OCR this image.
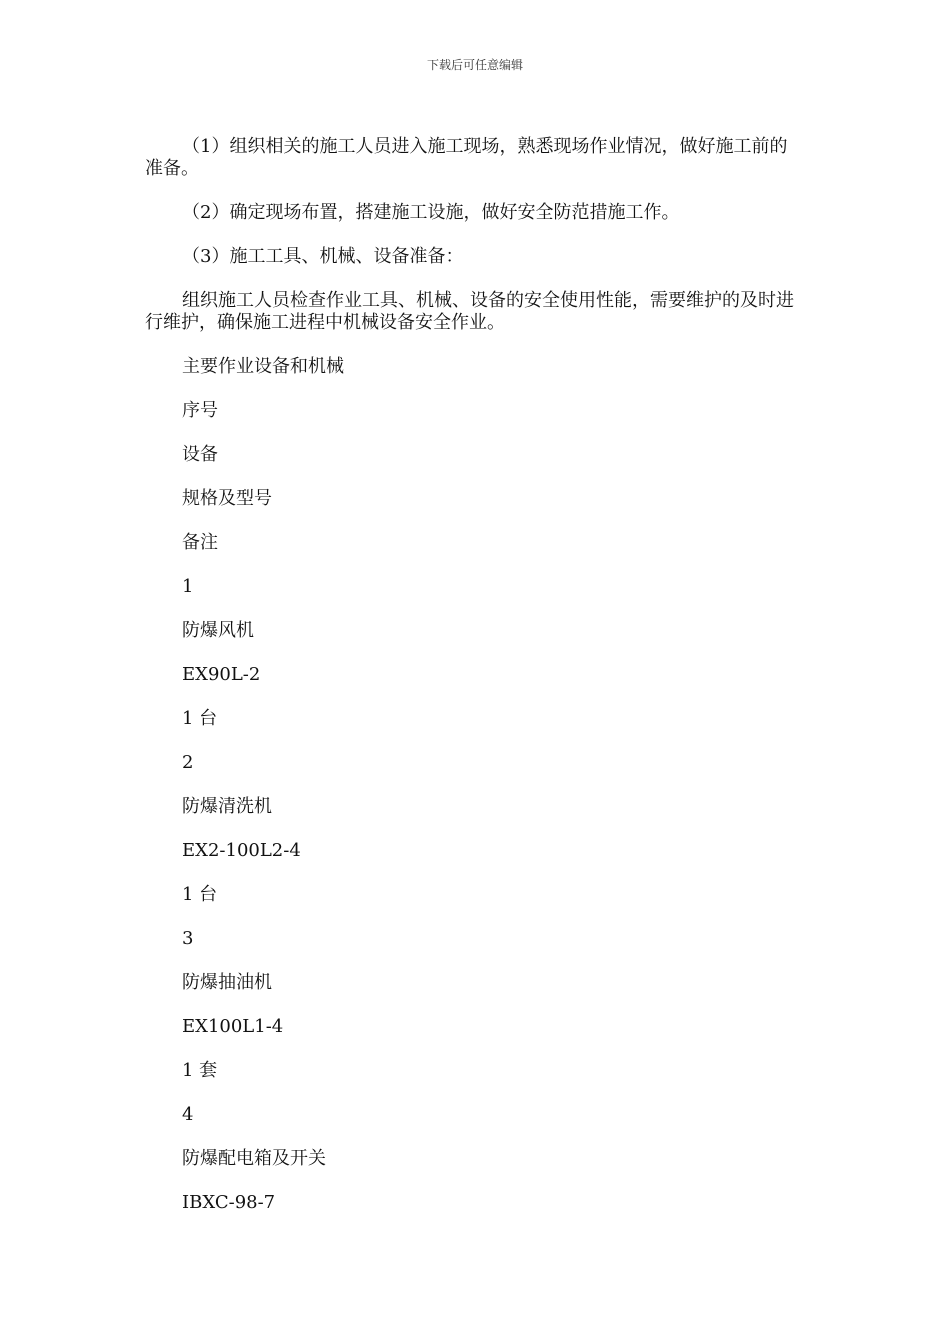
下载后可任意编辑

（1）组织相关的施工人员进入施工现场，熟悉现场作业情况，做好施工前的准备。

（2）确定现场布置，搭建施工设施，做好安全防范措施工作。

（3）施工工具、机械、设备准备：

组织施工人员检查作业工具、机械、设备的安全使用性能，需要维护的及时进行维护，确保施工进程中机械设备安全作业。

主要作业设备和机械
序号
设备
规格及型号
备注
1
防爆风机
EX90L-2
1 台
2
防爆清洗机
EX2-100L2-4
1 台
3
防爆抽油机
EX100L1-4
1 套
4
防爆配电箱及开关
IBXC-98-7
